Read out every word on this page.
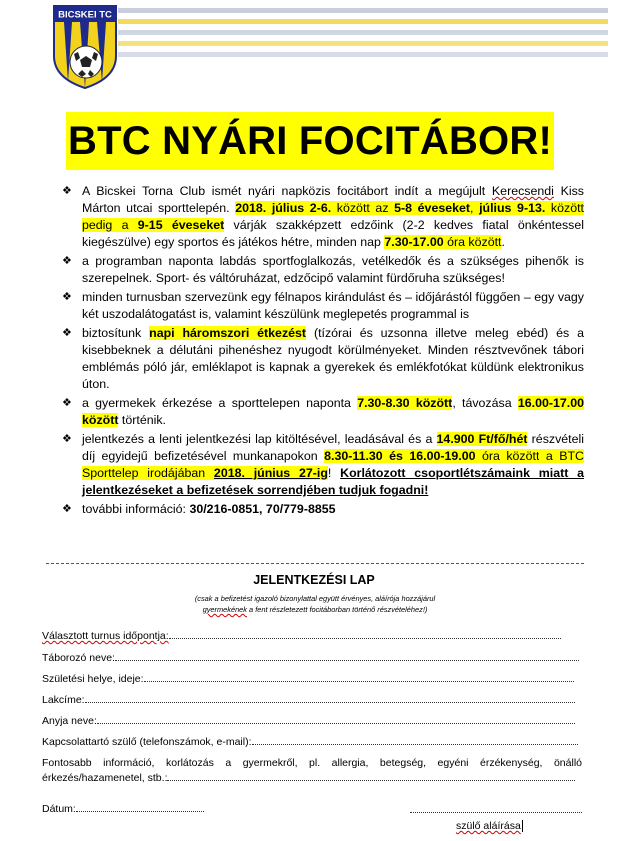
BICSKEI TC
BTC NYÁRI FOCITÁBOR!
❖ A Bicskei Torna Club ismét nyári napközis focitábort indít a megújult Kerecsendi Kiss Márton utcai sporttelepén. 2018. július 2-6. között az 5-8 éveseket, július 9-13. között pedig a 9-15 éveseket várják szakképzett edzőink (2-2 kedves fiatal önkéntessel kiegészülve) egy sportos és játékos hétre, minden nap 7.30-17.00 óra között.
❖ a programban naponta labdás sportfoglalkozás, vetélkedők és a szükséges pihenők is szerepelnek. Sport- és váltóruházat, edzőcipő valamint fürdőruha szükséges!
❖ minden turnusban szervezünk egy félnapos kirándulást és – időjárástól függően – egy vagy két uszodalátogatást is, valamint készülünk meglepetés programmal is
❖ biztosítunk napi háromszori étkezést (tízórai és uzsonna illetve meleg ebéd) és a kisebbeknek a délutáni pihenéshez nyugodt körülményeket. Minden résztvevőnek tábori emblémás póló jár, emléklapot is kapnak a gyerekek és emlékfotókat küldünk elektronikus úton.
❖ a gyermekek érkezése a sporttelepen naponta 7.30-8.30 között, távozása 16.00-17.00 között történik.
❖ jelentkezés a lenti jelentkezési lap kitöltésével, leadásával és a 14.900 Ft/fő/hét részvételi díj egyidejű befizetésével munkanapokon 8.30-11.30 és 16.00-19.00 óra között a BTC Sporttelep irodájában 2018. június 27-ig! Korlátozott csoportlétszámaink miatt a jelentkezéseket a befizetések sorrendjében tudjuk fogadni!
❖ további információ: 30/216-0851, 70/779-8855
JELENTKEZÉSI LAP
(csak a befizetést igazoló bizonylattal együtt érvényes, aláírója hozzájárul
gyermekének a fent részletezett focitáborban történő részvételéhez!)
Választott turnus időpontja:
Táborozó neve:
Születési helye, ideje:
Lakcíme:
Anyja neve:
Kapcsolattartó szülő (telefonszámok, e-mail):
Fontosabb információ, korlátozás a gyermekről, pl. allergia, betegség, egyéni érzékenység, önálló érkezés/hazamenetel, stb.:
Dátum:
szülő aláírása
